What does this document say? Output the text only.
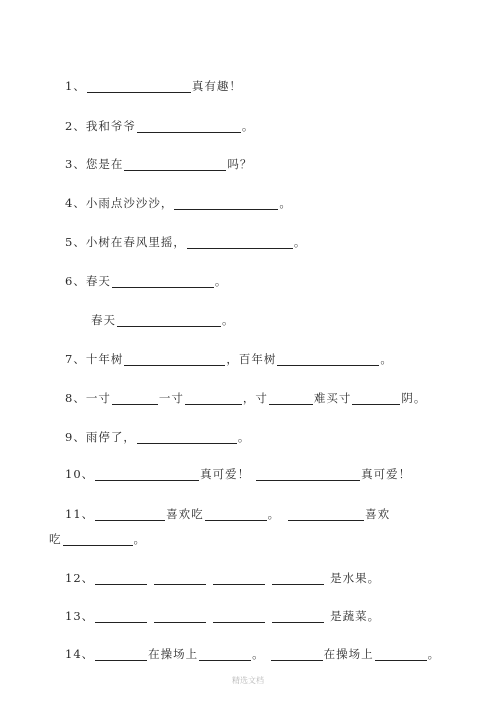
1、	真有趣！
2、 我和爷爷	。
3、 您是在	吗？
4、 小雨点沙沙沙，	。
5、 小树在春风里摇，	。
6、 春天	。
春天	。
7、 十年树	，百年树	。
8、 一寸	一寸	，寸	难买寸	阴。
9、 雨停了，	。
10、	真可爱！	真可爱！
11、	喜欢吃	。	喜欢
吃	。
12、	是水果。
13、	是蔬菜。
14、	在操场上	。	在操场上	。
精选文档
